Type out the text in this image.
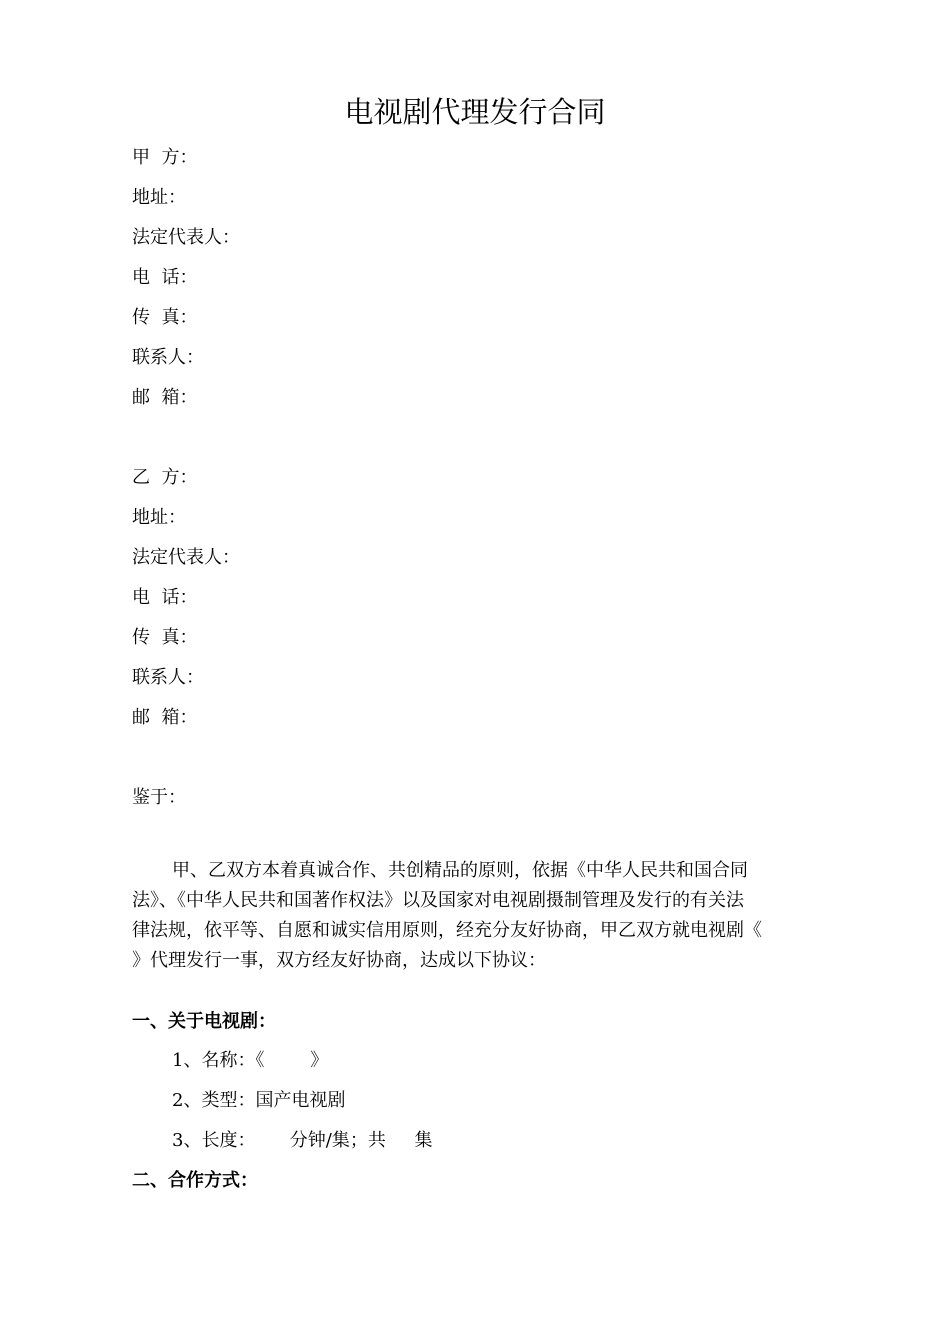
电视剧代理发行合同
甲  方：
地址：
法定代表人：
电  话：
传  真：
联系人：
邮  箱：
乙  方：
地址：
法定代表人：
电  话：
传  真：
联系人：
邮  箱：
鉴于：
甲、乙双方本着真诚合作、共创精品的原则，依据《中华人民共和国合同
法》、《中华人民共和国著作权法》以及国家对电视剧摄制管理及发行的有关法
律法规，依平等、自愿和诚实信用原则，经充分友好协商，甲乙双方就电视剧《
》代理发行一事，双方经友好协商，达成以下协议：
一、关于电视剧：
1、名称：《        》
2、类型：国产电视剧
3、长度：      分钟/集；共     集
二、合作方式：
